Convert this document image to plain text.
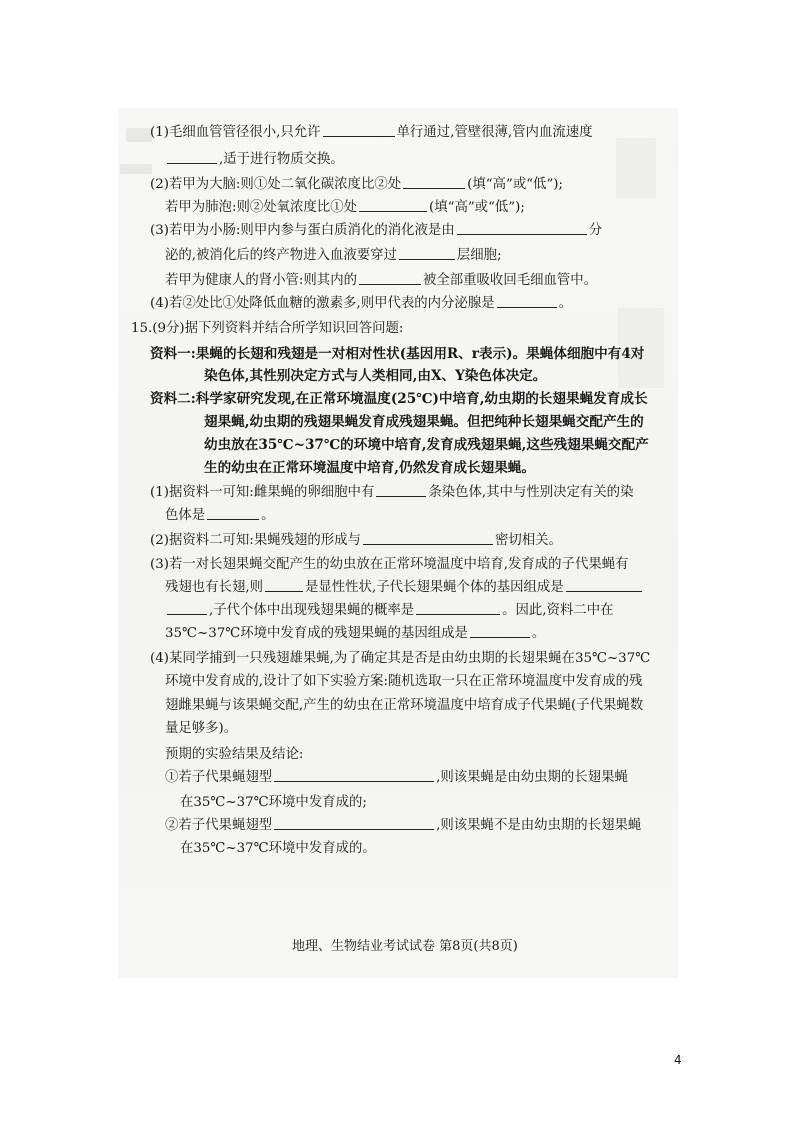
(1)毛细血管管径很小,只允许	单行通过,管壁很薄,管内血流速度
,适于进行物质交换。
(2)若甲为大脑:则①处二氧化碳浓度比②处	(填“高”或“低”);
若甲为肺泡:则②处氧浓度比①处	(填“高”或“低”);
(3)若甲为小肠:则甲内参与蛋白质消化的消化液是由	分
泌的,被消化后的终产物进入血液要穿过	层细胞;
若甲为健康人的肾小管:则其内的	被全部重吸收回毛细血管中。
(4)若②处比①处降低血糖的激素多,则甲代表的内分泌腺是	。
15.(9分)据下列资料并结合所学知识回答问题:
资料一:果蝇的长翅和残翅是一对相对性状(基因用R、r表示)。果蝇体细胞中有4对
染色体,其性别决定方式与人类相同,由X、Y染色体决定。
资料二:科学家研究发现,在正常环境温度(25℃)中培育,幼虫期的长翅果蝇发育成长
翅果蝇,幼虫期的残翅果蝇发育成残翅果蝇。但把纯种长翅果蝇交配产生的
幼虫放在35℃~37℃的环境中培育,发育成残翅果蝇,这些残翅果蝇交配产
生的幼虫在正常环境温度中培育,仍然发育成长翅果蝇。
(1)据资料一可知:雌果蝇的卵细胞中有	条染色体,其中与性别决定有关的染
色体是	。
(2)据资料二可知:果蝇残翅的形成与	密切相关。
(3)若一对长翅果蝇交配产生的幼虫放在正常环境温度中培育,发育成的子代果蝇有
残翅也有长翅,则	是显性性状,子代长翅果蝇个体的基因组成是
,子代个体中出现残翅果蝇的概率是	。因此,资料二中在
35℃~37℃环境中发育成的残翅果蝇的基因组成是	。
(4)某同学捕到一只残翅雄果蝇,为了确定其是否是由幼虫期的长翅果蝇在35℃~37℃
环境中发育成的,设计了如下实验方案:随机选取一只在正常环境温度中发育成的残
翅雌果蝇与该果蝇交配,产生的幼虫在正常环境温度中培育成子代果蝇(子代果蝇数
量足够多)。
预期的实验结果及结论:
①若子代果蝇翅型	,则该果蝇是由幼虫期的长翅果蝇
在35℃~37℃环境中发育成的;
②若子代果蝇翅型	,则该果蝇不是由幼虫期的长翅果蝇
在35℃~37℃环境中发育成的。
地理、生物结业考试试卷 第8页(共8页)
4
